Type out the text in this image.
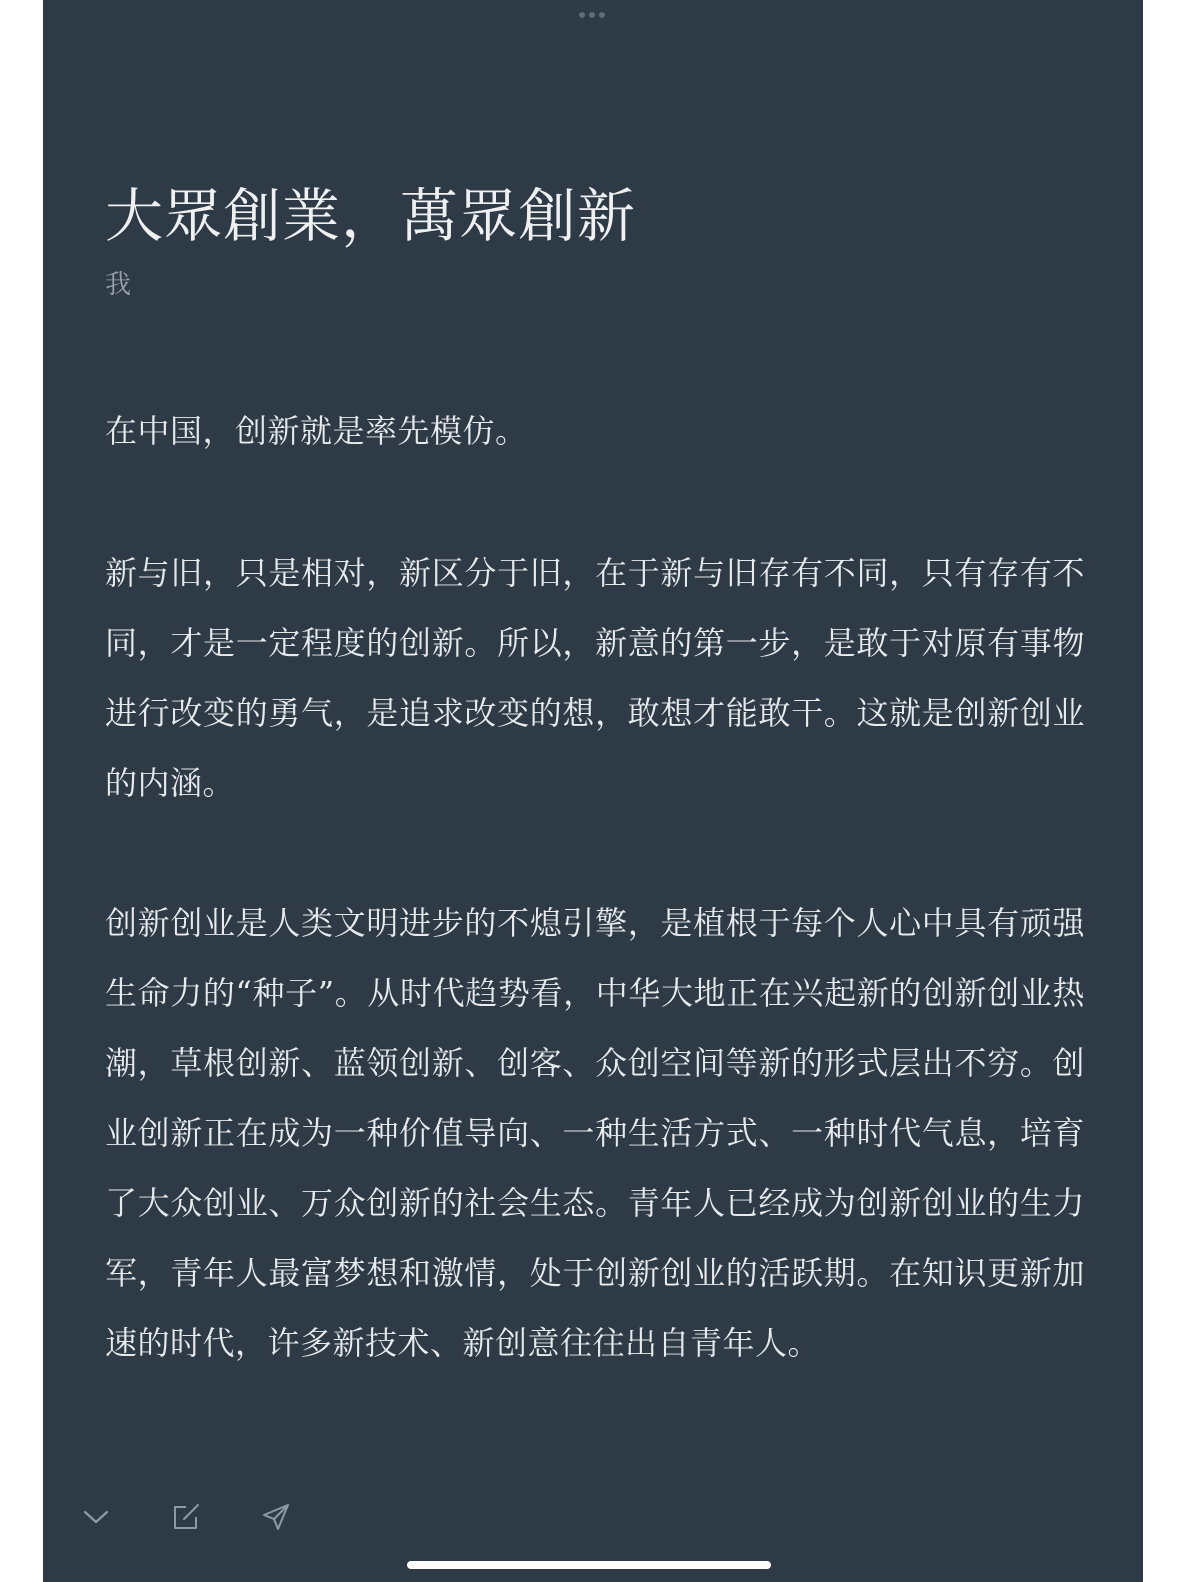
大眾創業，萬眾創新
我

在中国，创新就是率先模仿。

新与旧，只是相对，新区分于旧，在于新与旧存有不同，只有存有不同，才是一定程度的创新。所以，新意的第一步，是敢于对原有事物进行改变的勇气，是追求改变的想，敢想才能敢干。这就是创新创业的内涵。

创新创业是人类文明进步的不熄引擎，是植根于每个人心中具有顽强生命力的“种子”。从时代趋势看，中华大地正在兴起新的创新创业热潮，草根创新、蓝领创新、创客、众创空间等新的形式层出不穷。创业创新正在成为一种价值导向、一种生活方式、一种时代气息，培育了大众创业、万众创新的社会生态。青年人已经成为创新创业的生力军，青年人最富梦想和激情，处于创新创业的活跃期。在知识更新加速的时代，许多新技术、新创意往往出自青年人。
